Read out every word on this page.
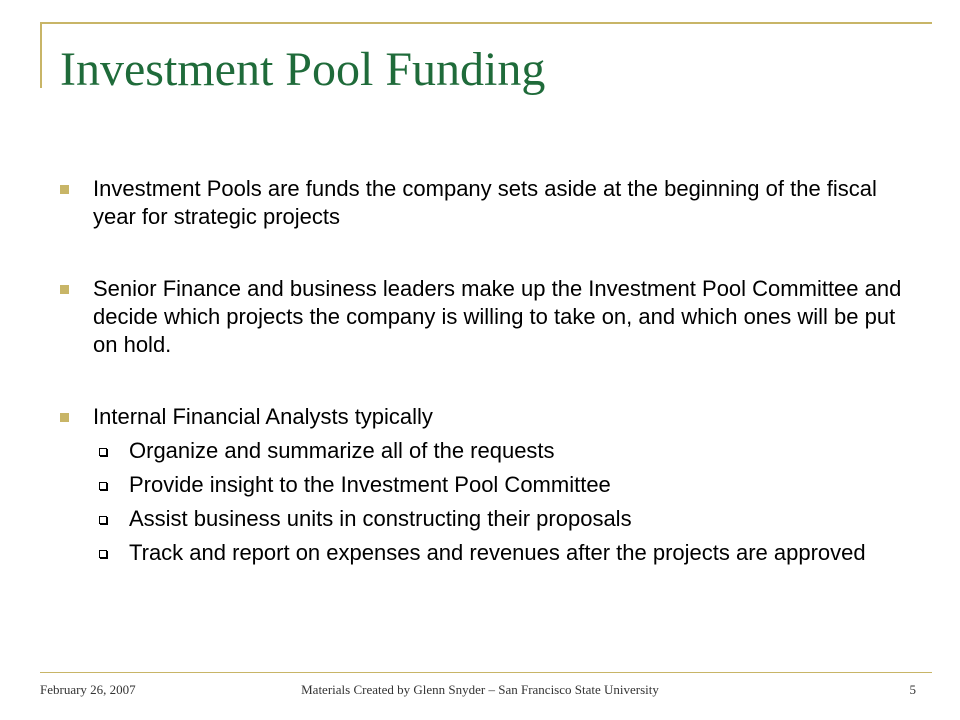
Investment Pool Funding
Investment Pools are funds the company sets aside at the beginning of the fiscal year for strategic projects
Senior Finance and business leaders make up the Investment Pool Committee and decide which projects the company is willing to take on, and which ones will be put on hold.
Internal Financial Analysts typically
Organize and summarize all of the requests
Provide insight to the Investment Pool Committee
Assist business units in constructing their proposals
Track and report on expenses and revenues after the projects are approved
February 26, 2007	Materials Created by Glenn Snyder – San Francisco State University	5
